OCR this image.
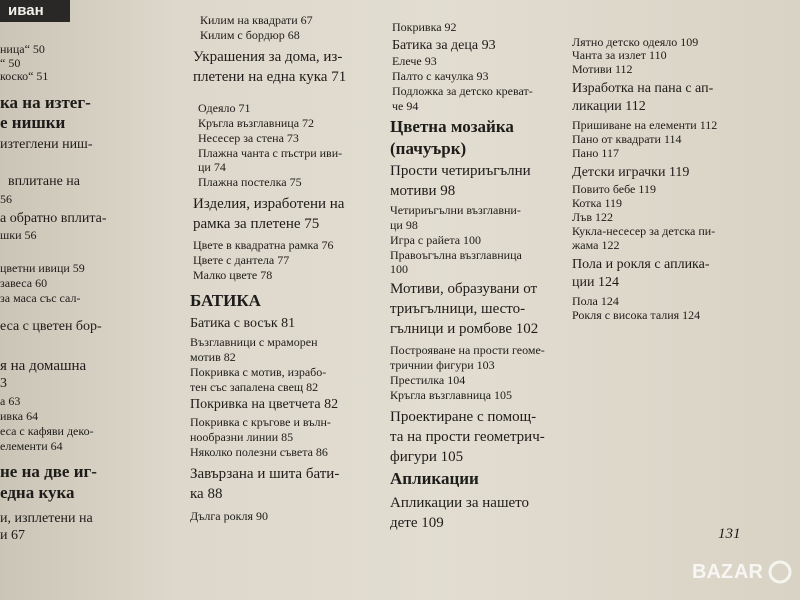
ница“ 50
“ 50
коско“ 51
ка на изтег-
е нишки
изтеглени ниш-
вплитане на
56
а обратно вплита-
шки 56
цветни ивици 59
завеса 60
за маса със сал-
еса с цветен бор-
я на домашна
3
а 63
ивка 64
еса с кафяви деко-
елементи 64
не на две иг-
една кука
и, изплетени на
и 67
Килим на квадрати 67
Килим с бордюр 68
Украшения за дома, из-
плетени на една кука 71
Одеяло 71
Кръгла възглавница 72
Несесер за стена 73
Плажна чанта с пъстри иви-
ци 74
Плажна постелка 75
Изделия, изработени на
рамка за плетене 75
Цвете в квадратна рамка 76
Цвете с дантела 77
Малко цвете 78
БАТИКА
Батика с восък 81
Възглавници с мраморен
мотив 82
Покривка с мотив, израбо-
тен със запалена свещ 82
Покривка на цветчета 82
Покривка с кръгове и вълн-
нообразни линии 85
Няколко полезни съвета 86
Завързана и шита бати-
ка 88
Дълга рокля 90
Покривка 92
Батика за деца 93
Елече 93
Палто с качулка 93
Подложка за детско креват-
че 94
Цветна мозайка
(пачуърк)
Прости четириъгълни
мотиви 98
Четириъгълни възглавни-
ци 98
Игра с райета 100
Правоъгълна възглавница
100
Мотиви, образувани от
триъгълници, шесто-
гълници и ромбове 102
Построяване на прости геоме-
тричнии фигури 103
Престилка 104
Кръгла възглавница 105
Проектиране с помощ-
та на прости геометрич-
фигури 105
Апликации
Апликации за нашето
дете 109
Лятно детско одеяло 109
Чанта за излет 110
Мотиви 112
Изработка на пана с ап-
ликации 112
Пришиване на елементи 112
Пано от квадрати 114
Пано 117
Детски играчки 119
Повито бебе 119
Котка 119
Лъв 122
Кукла-несесер за детска пи-
жама 122
Пола и рокля с аплика-
ции 124
Пола 124
Рокля с висока талия 124
131
иван
BAZ AR
